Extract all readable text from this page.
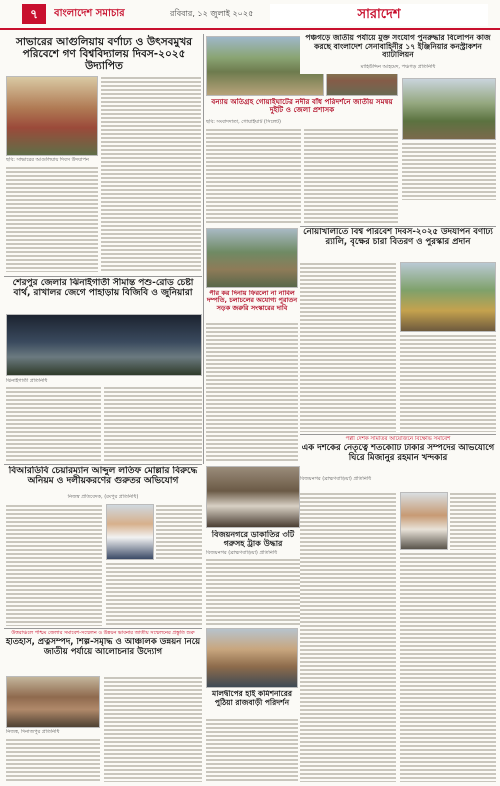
৭	বাংলাদেশ সমাচার	রবিবার, ১২ জুলাই ২০২৫	সারাদেশ
সাভারের আগুলিয়ায় বর্ণাঢ্য ও উৎসবমুখর পরিবেশে গণ বিশ্ববিদ্যালয় দিবস-২০২৫ উদ্যাপিত
ছবি: সাভারের আগুলিয়ায় দিবস উদযাপন
বন্যায় অতিগ্রহ গোয়াইঘাটের নদীর বাঁধ পরিদর্শনে জাতীয় সমন্বয় দুইটি ও জেলা প্রশাসক
ছবি: সংবাদদাতা, গোয়াইঘাট (সিলেট)
পঞ্চগড়ে জাতীয় পর্যায়ে মুক্ত সংযোগ পুনরুদ্ধার বিলোপন কাজ করছে বাংলাদেশ সেনাবাহিনীর ১৭ ইঞ্জিনিয়ার কনস্ট্রাকশন ব্যাটালিয়ন
মাহিউদ্দিন আহমেদ, পঞ্চগড় প্রতিনিধি
শেরপুর জেলার ঝিনাইগাতী সীমান্ত পশু-রোড চেষ্টা বার্থ, রাখালর জেগে পাহাড়ায় বিজিবি ও জুনিয়ারা
ঝিনাইগাতী প্রতিনিধি
নোয়াখালীতে বিশ্ব পরিবেশ দিবস-২০২৫ উদযাপন বর্ণাঢ্য র‍্যালি, বৃক্ষের চারা বিতরণ ও পুরস্কার প্রদান
পীর কর দিনায় ফিরলো না নাবিল দম্পতি, চলাচলের অযোগ্য পুরাতন সড়ক জরুরি সংস্কারের দাবি
বিআরডিবি চেয়ারম্যান আব্দুল লতিফ মোল্লার বিরুদ্ধে অনিয়ম ও দলীয়করণের গুরুতর অভিযোগ
নিজস্ব প্রতিবেদক, (রংপুর প্রতিনিধি)
বিজয়নগরে ডাকাতির ৩টি গরুসহ ট্রাক উদ্ধার
বিজয়নগর (ব্রাহ্মণবাড়িয়া) প্রতিনিধি
পল্লী দেশক সমিতির আয়োজনে বিক্ষোভ সমাবেশ
এক দশকের নেতৃত্বে শতকোটি টাকার সম্পদের অভিযোগে ঘিরে মিজানুর রহমান খন্দকার
বিজয়নগর (ব্রাহ্মণবাড়িয়া) প্রতিনিধি
উত্তরাঞ্চলে পশ্চিম জেলার সমাবেশ-সম্মেলন ও উন্নয়ন ভাবনার জাতীয় সম্মেলনের প্রস্তুতি শুরু
ইতিহাস, প্রত্নসম্পদ, শিল্প-সমৃদ্ধি ও আঞ্চলিক উন্নয়ন নিয়ে জাতীয় পর্যায়ে আলোচনার উদ্যোগ
নিজস্ব, দিনাজপুর প্রতিনিধি
মালদ্বীপের হাই কমিশনারের পুঠিয়া রাজবাড়ী পরিদর্শন
